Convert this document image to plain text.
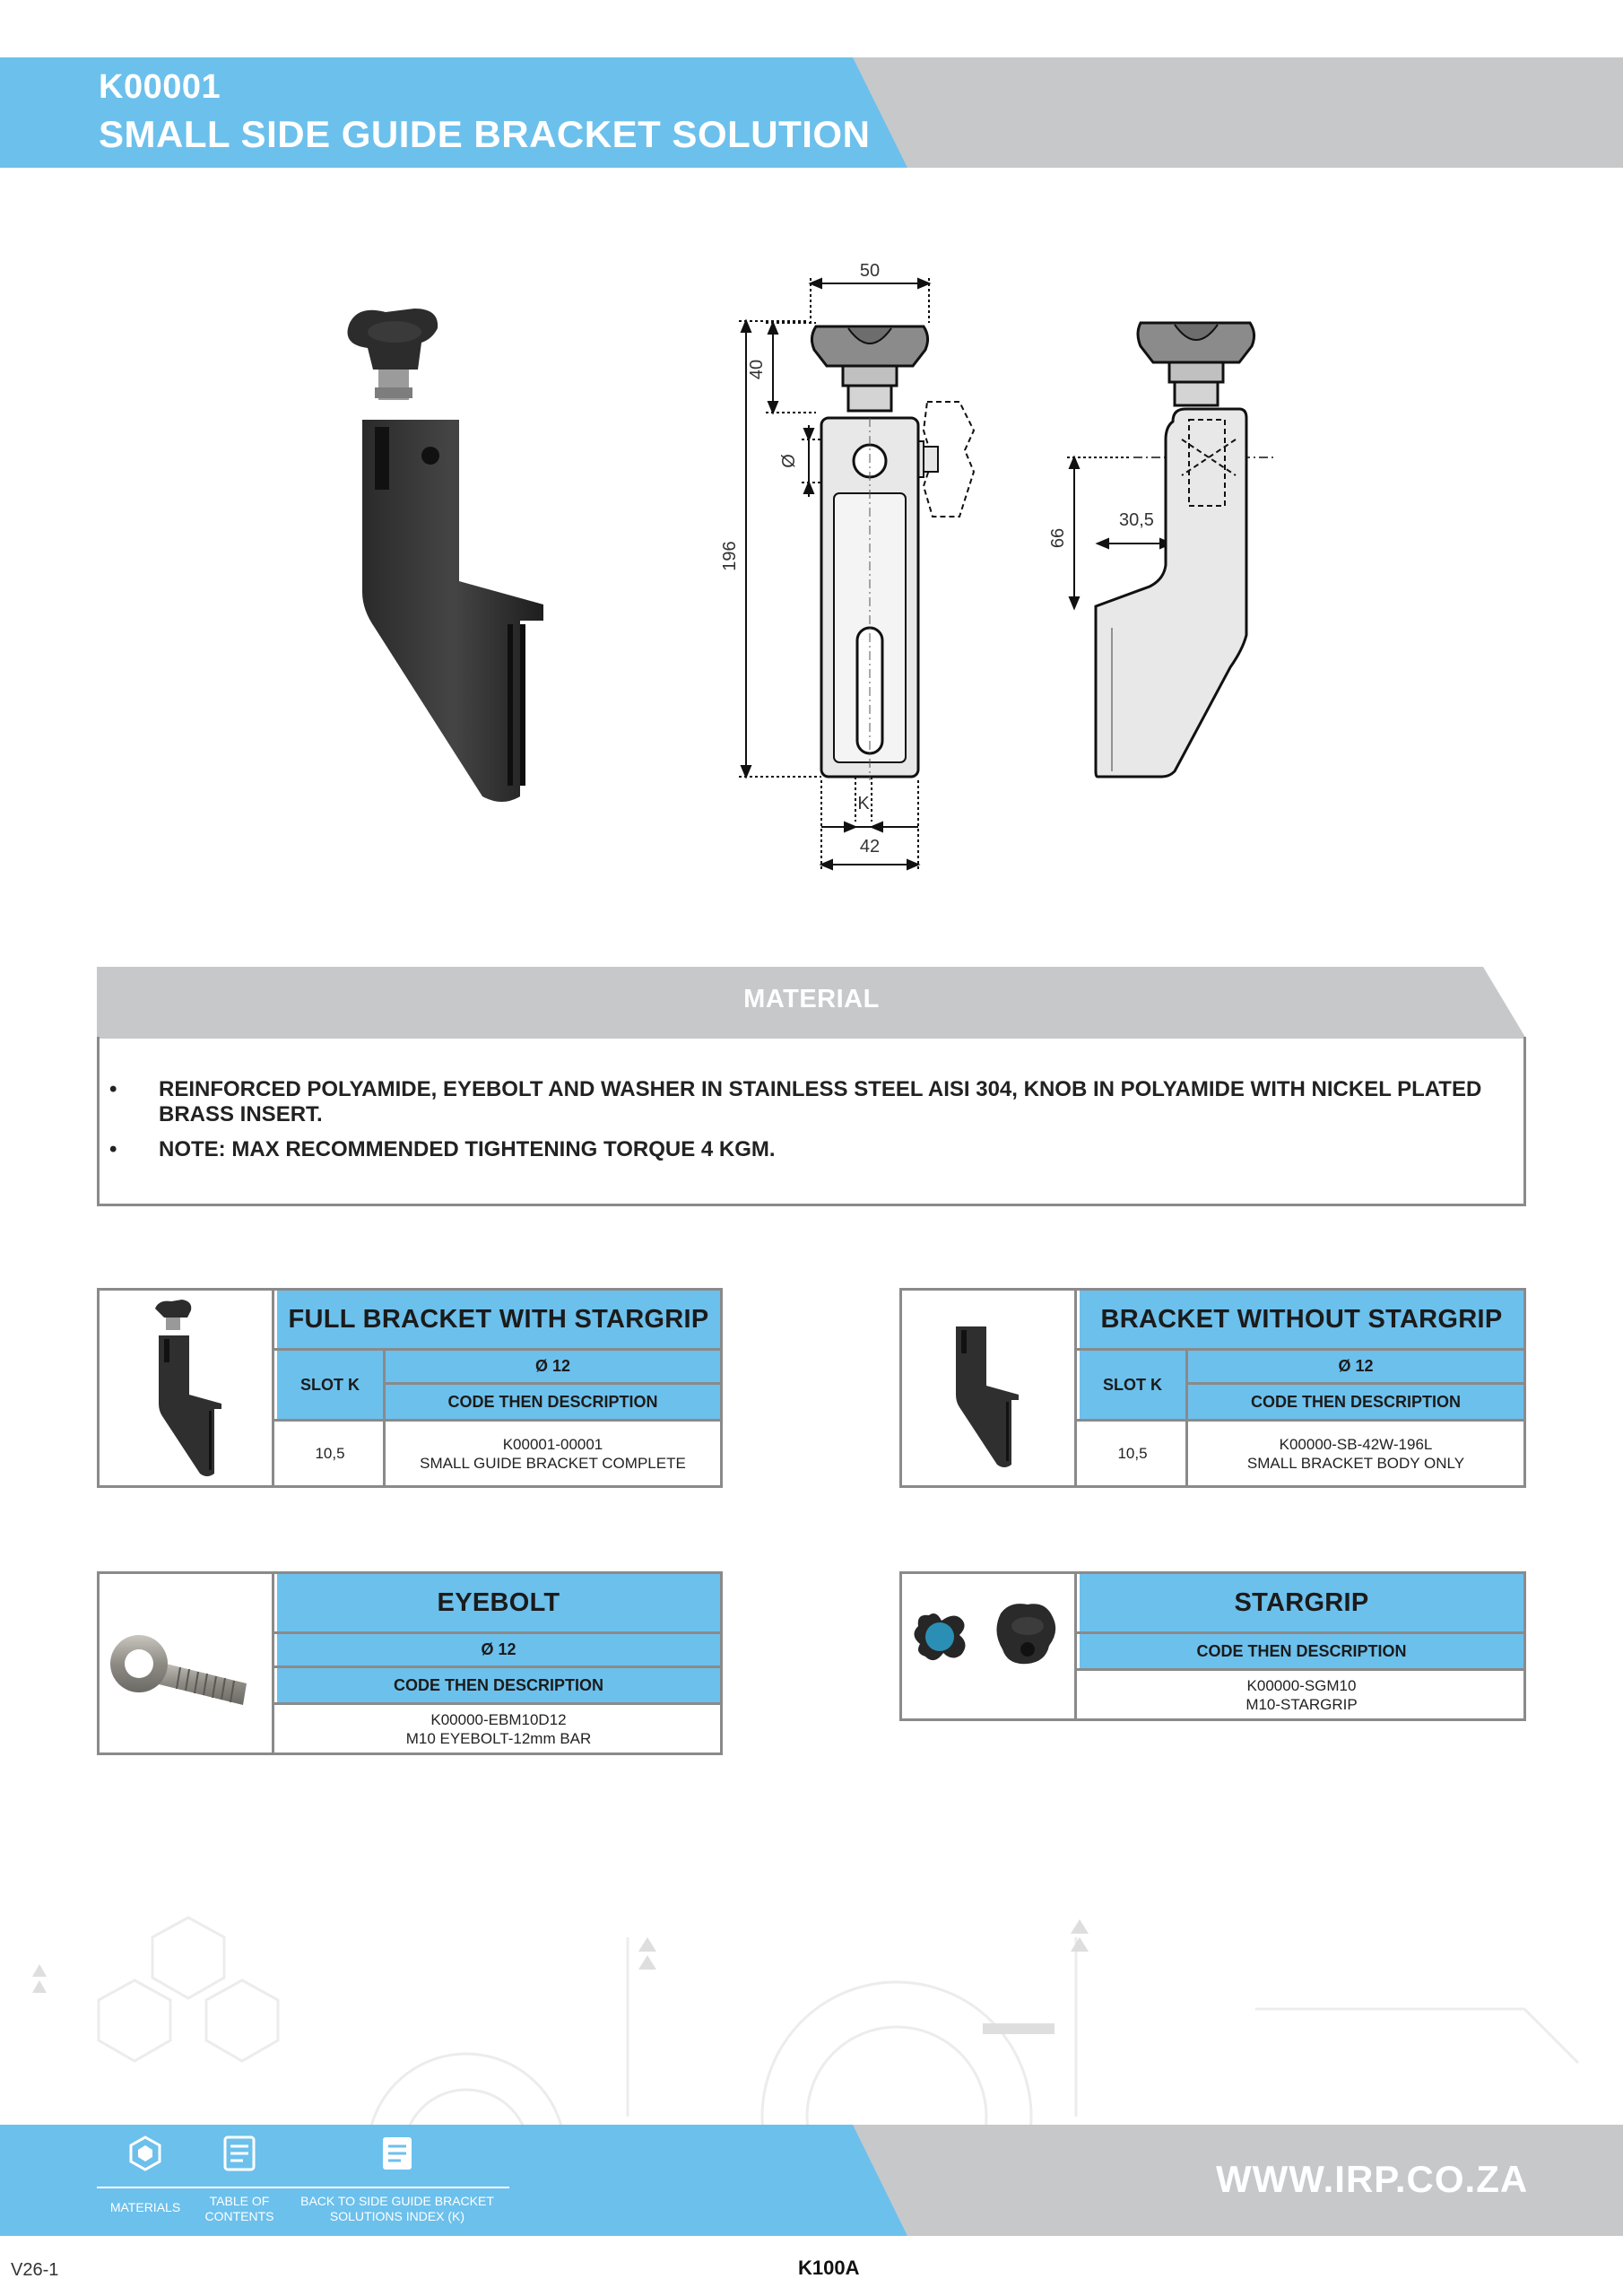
K00001
SMALL SIDE GUIDE BRACKET SOLUTION
50
40
Ø
196
K
42
66
30,5
MATERIAL
• REINFORCED POLYAMIDE, EYEBOLT AND WASHER IN STAINLESS STEEL AISI 304, KNOB IN POLYAMIDE WITH NICKEL PLATED BRASS INSERT.
• NOTE: MAX RECOMMENDED TIGHTENING TORQUE 4 KGM.
FULL BRACKET WITH STARGRIP
SLOT K
Ø 12
CODE THEN DESCRIPTION
10,5
K00001-00001
SMALL GUIDE BRACKET COMPLETE
BRACKET WITHOUT STARGRIP
SLOT K
Ø 12
CODE THEN DESCRIPTION
10,5
K00000-SB-42W-196L
SMALL BRACKET BODY ONLY
EYEBOLT
Ø 12
CODE THEN DESCRIPTION
K00000-EBM10D12
M10 EYEBOLT-12mm BAR
STARGRIP
CODE THEN DESCRIPTION
K00000-SGM10
M10-STARGRIP
MATERIALS	TABLE OF
CONTENTS
BACK TO SIDE GUIDE BRACKET
SOLUTIONS INDEX (K)
WWW.IRP.CO.ZA
V26-1	K100A
